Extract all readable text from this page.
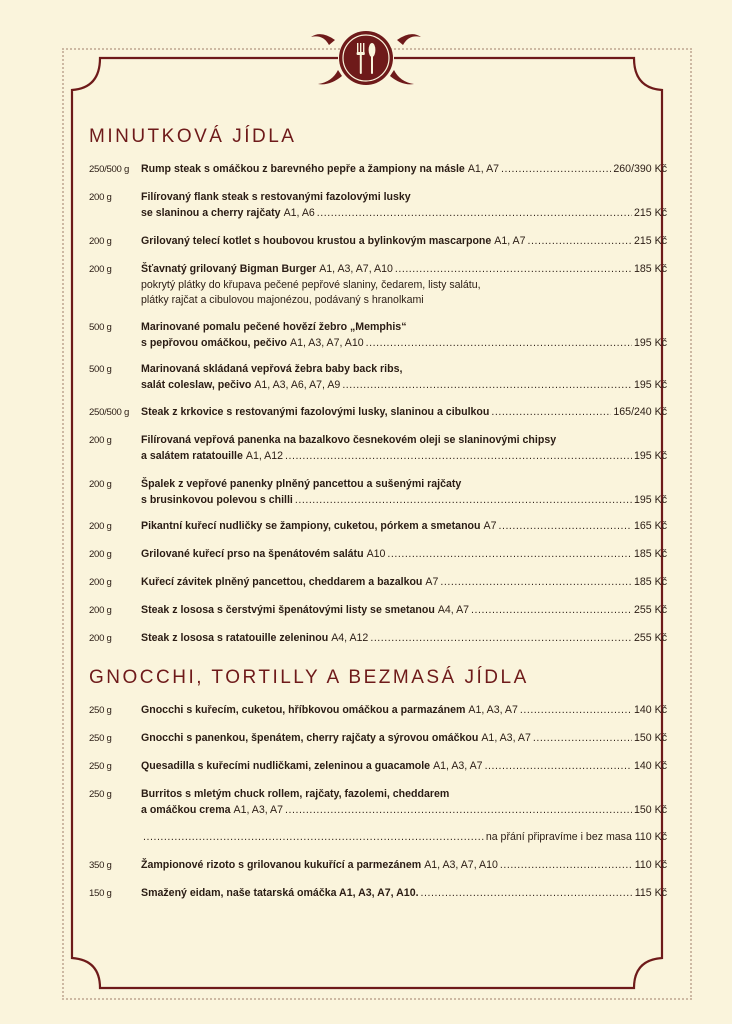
MINUTKOVÁ JÍDLA
250/500 g	Rump steak s omáčkou z barevného pepře a žampiony na másle A1, A7 . . .	260/390 Kč
200 g	Filírovaný flank steak s restovanými fazolovými lusky
se slaninou a cherry rajčaty A1, A6 . . .	215 Kč
200 g	Grilovaný telecí kotlet s houbovou krustou a bylinkovým mascarpone A1, A7 . . .	215 Kč
200 g	Šťavnatý grilovaný Bigman Burger A1, A3, A7, A10 . . .	185 Kč
pokrytý plátky do křupava pečené pepřové slaniny, čedarem, listy salátu,
plátky rajčat a cibulovou majonézou, podávaný s hranolkami
500 g	Marinované pomalu pečené hovězí žebro „Memphis“
s pepřovou omáčkou, pečivo A1, A3, A7, A10 . . .	195 Kč
500 g	Marinovaná skládaná vepřová žebra baby back ribs,
salát coleslaw, pečivo A1, A3, A6, A7, A9 . . .	195 Kč
250/500 g	Steak z krkovice s restovanými fazolovými lusky, slaninou a cibulkou . . .	165/240 Kč
200 g	Filírovaná vepřová panenka na bazalkovo česnekovém oleji se slaninovými chipsy
a salátem ratatouille A1, A12 . . .	195 Kč
200 g	Špalek z vepřové panenky plněný pancettou a sušenými rajčaty
s brusinkovou polevou s chilli . . .	195 Kč
200 g	Pikantní kuřecí nudličky se žampiony, cuketou, pórkem a smetanou A7 . . .	165 Kč
200 g	Grilované kuřecí prso na špenátovém salátu A10 . . .	185 Kč
200 g	Kuřecí závitek plněný pancettou, cheddarem a bazalkou A7 . . .	185 Kč
200 g	Steak z lososa s čerstvými špenátovými listy se smetanou A4, A7 . . .	255 Kč
200 g	Steak z lososa s ratatouille zeleninou A4, A12 . . .	255 Kč
GNOCCHI, TORTILLY A BEZMASÁ JÍDLA
250 g	Gnocchi s kuřecím, cuketou, hříbkovou omáčkou a parmazánem A1, A3, A7 . . .	140 Kč
250 g	Gnocchi s panenkou, špenátem, cherry rajčaty a sýrovou omáčkou A1, A3, A7 . . .	150 Kč
250 g	Quesadilla s kuřecími nudličkami, zeleninou a guacamole A1, A3, A7 . . .	140 Kč
250 g	Burritos s mletým chuck rollem, rajčaty, fazolemi, cheddarem
a omáčkou crema A1, A3, A7 . . .	150 Kč
. . .
na přání připravíme i bez masa 110 Kč
350 g	Žampionové rizoto s grilovanou kukuřící a parmezánem A1, A3, A7, A10 . . .	110 Kč
150 g	Smažený eidam, naše tatarská omáčka A1, A3, A7, A10. . . .	115 Kč
